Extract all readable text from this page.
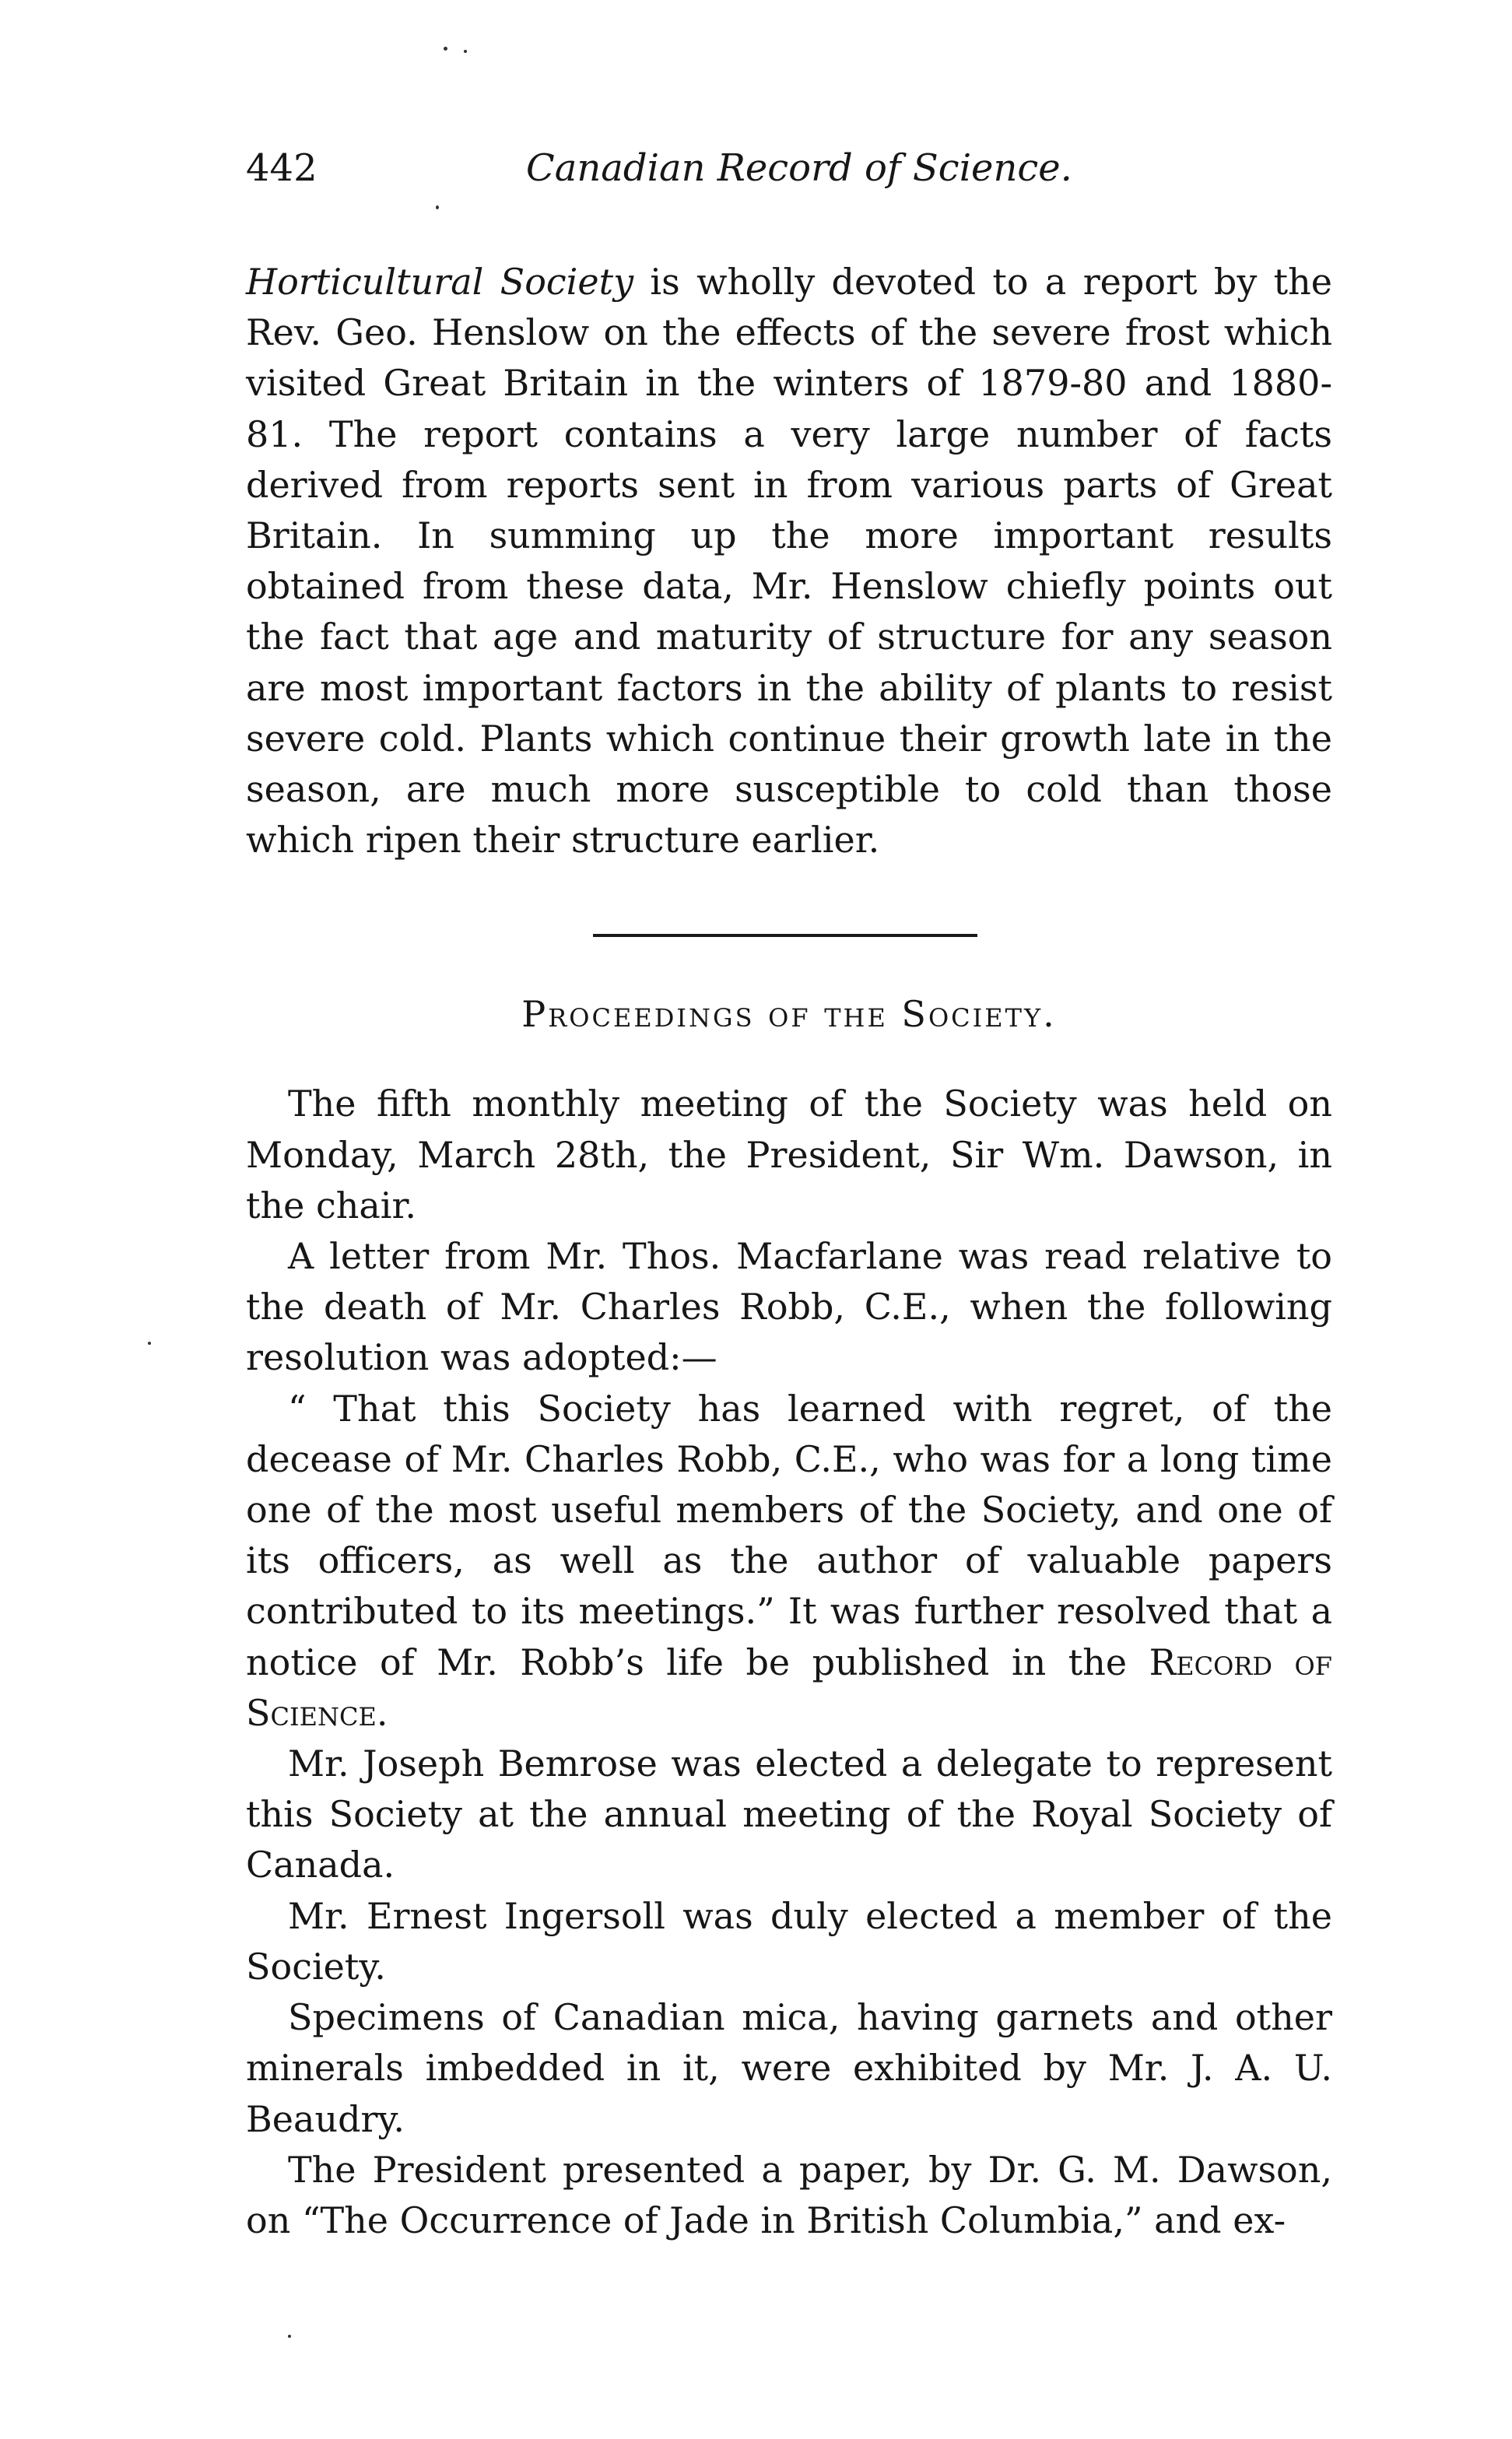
442	Canadian Record of Science.

Horticultural Society is wholly devoted to a report by the Rev. Geo. Henslow on the effects of the severe frost which visited Great Britain in the winters of 1879-80 and 1880-81. The report contains a very large number of facts derived from reports sent in from various parts of Great Britain. In summing up the more important results obtained from these data, Mr. Henslow chiefly points out the fact that age and maturity of structure for any season are most important factors in the ability of plants to resist severe cold. Plants which continue their growth late in the season, are much more susceptible to cold than those which ripen their structure earlier.

Proceedings of the Society.

The fifth monthly meeting of the Society was held on Monday, March 28th, the President, Sir Wm. Dawson, in the chair.

A letter from Mr. Thos. Macfarlane was read relative to the death of Mr. Charles Robb, C.E., when the following resolution was adopted:—

“ That this Society has learned with regret, of the decease of Mr. Charles Robb, C.E., who was for a long time one of the most useful members of the Society, and one of its officers, as well as the author of valuable papers contributed to its meetings.” It was further resolved that a notice of Mr. Robb’s life be published in the Record of Science.

Mr. Joseph Bemrose was elected a delegate to represent this Society at the annual meeting of the Royal Society of Canada.

Mr. Ernest Ingersoll was duly elected a member of the Society.

Specimens of Canadian mica, having garnets and other minerals imbedded in it, were exhibited by Mr. J. A. U. Beaudry.

The President presented a paper, by Dr. G. M. Dawson, on “The Occurrence of Jade in British Columbia,” and ex-
